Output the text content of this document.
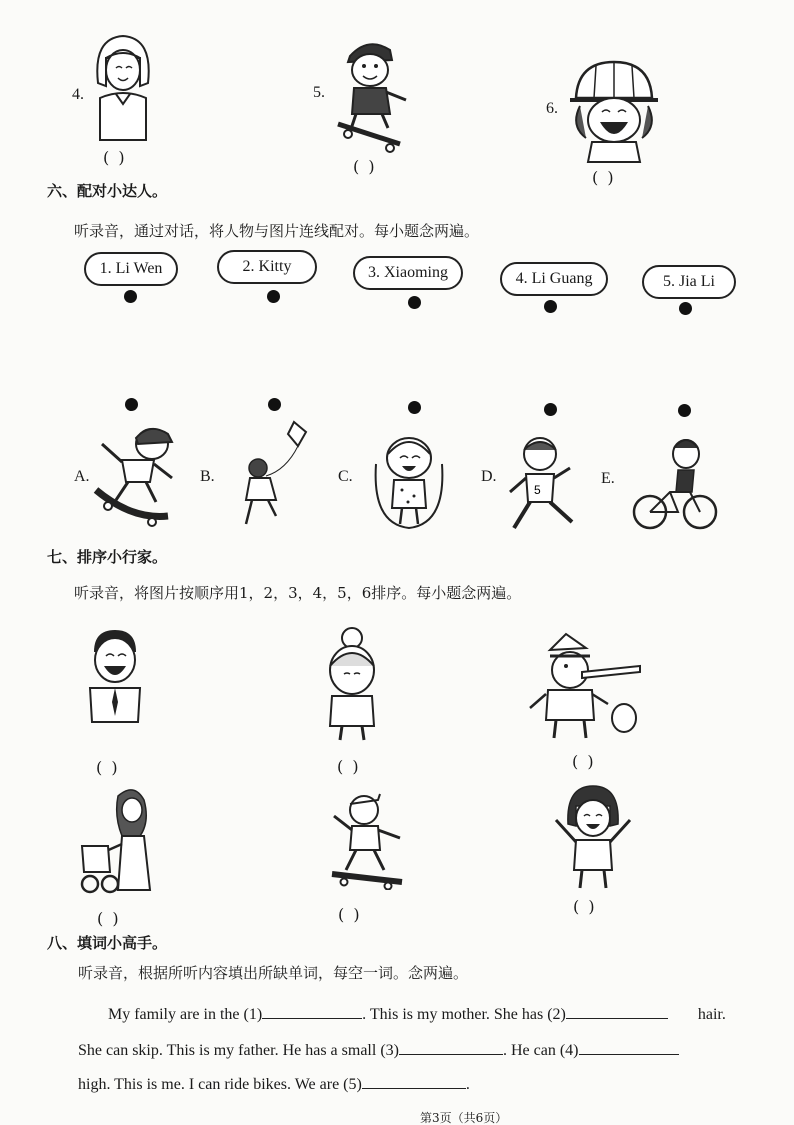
4.
( )
5.
( )
6.
( )
六、配对小达人。
听录音，通过对话，将人物与图片连线配对。每小题念两遍。
1. Li Wen	2. Kitty	3. Xiaoming	4. Li Guang	5. Jia Li
A.	B.	C.	D.
5
E.
七、排序小行家。
听录音，将图片按顺序用1，2，3，4，5，6排序。每小题念两遍。
( )	( )	( )
( )	( )	( )
八、填词小高手。
听录音，根据所听内容填出所缺单词，每空一词。念两遍。
My family are in the (1)	. This is my mother. She has (2)	hair.
She can skip. This is my father. He has a small (3)	. He can (4)
high. This is me. I can ride bikes. We are (5)	.
第3页（共6页）
